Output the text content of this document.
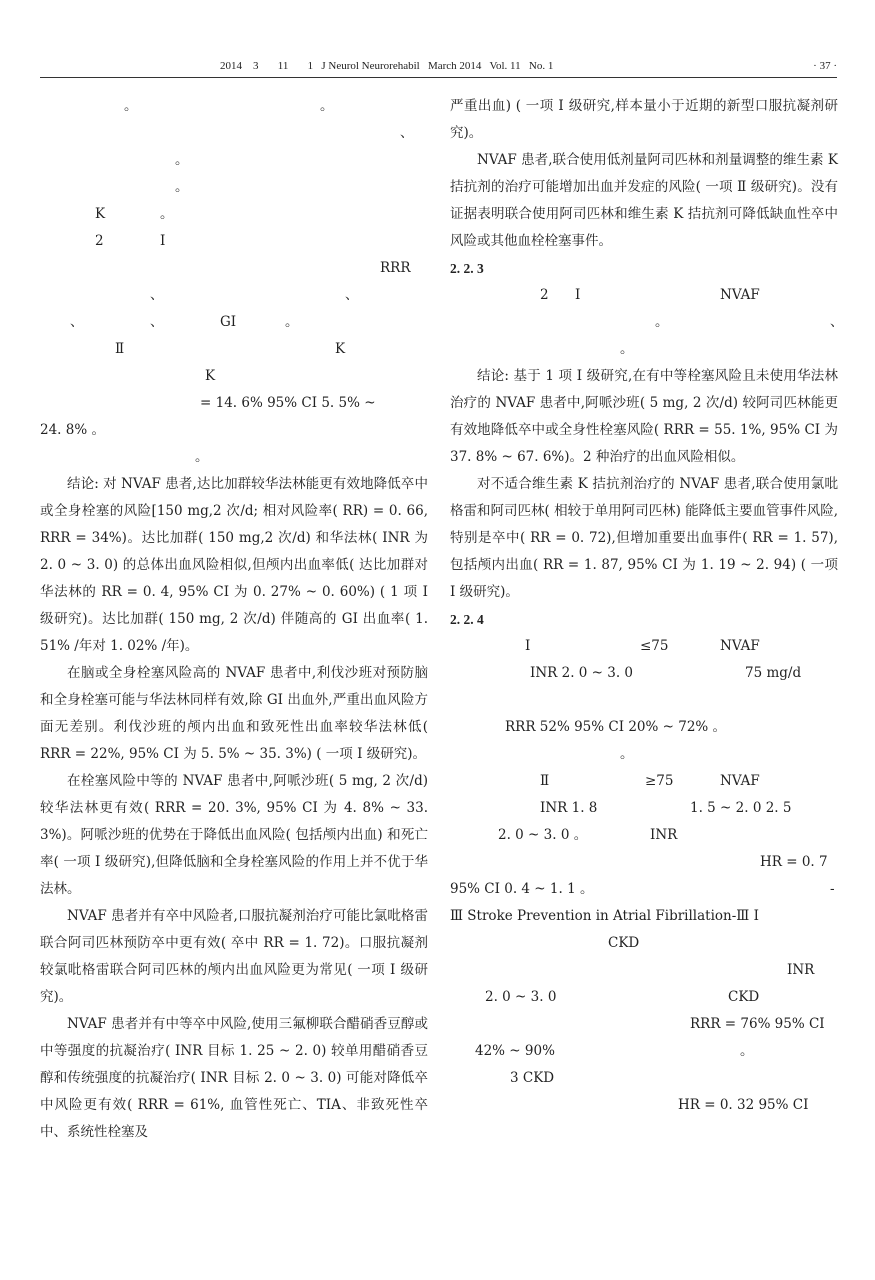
2014    3       11       1   J Neurol Neurorehabil   March 2014   Vol. 11   No. 1	· 37 ·
。	。
、
。
。
K	。
2	Ⅰ
RRR
、	、
、	、	GI	。
Ⅱ	K
K
= 14. 6% 95% CI 5. 5% ~
24. 8% 。
。

结论: 对 NVAF 患者,达比加群较华法林能更有效地降低卒中或全身栓塞的风险[150 mg,2 次/d; 相对风险率( RR) = 0. 66, RRR = 34%)。达比加群( 150 mg,2 次/d) 和华法林( INR 为 2. 0 ~ 3. 0) 的总体出血风险相似,但颅内出血率低( 达比加群对华法林的 RR = 0. 4, 95% CI 为 0. 27% ~ 0. 60%) ( 1 项 Ⅰ 级研究)。达比加群( 150 mg, 2 次/d) 伴随高的 GI 出血率( 1. 51% /年对 1. 02% /年)。

在脑或全身栓塞风险高的 NVAF 患者中,利伐沙班对预防脑和全身栓塞可能与华法林同样有效,除 GI 出血外,严重出血风险方面无差别。利伐沙班的颅内出血和致死性出血率较华法林低( RRR = 22%, 95% CI 为 5. 5% ~ 35. 3%) ( 一项 Ⅰ 级研究)。

在栓塞风险中等的 NVAF 患者中,阿哌沙班( 5 mg, 2 次/d) 较华法林更有效( RRR = 20. 3%, 95% CI 为 4. 8% ~ 33. 3%)。阿哌沙班的优势在于降低出血风险( 包括颅内出血) 和死亡率( 一项 Ⅰ 级研究),但降低脑和全身栓塞风险的作用上并不优于华法林。

NVAF 患者并有卒中风险者,口服抗凝剂治疗可能比氯吡格雷联合阿司匹林预防卒中更有效( 卒中 RR = 1. 72)。口服抗凝剂较氯吡格雷联合阿司匹林的颅内出血风险更为常见( 一项 Ⅰ 级研究)。

NVAF 患者并有中等卒中风险,使用三氟柳联合醋硝香豆醇或中等强度的抗凝治疗( INR 目标 1. 25 ~ 2. 0) 较单用醋硝香豆醇和传统强度的抗凝治疗( INR 目标 2. 0 ~ 3. 0) 可能对降低卒中风险更有效( RRR = 61%, 血管性死亡、TIA、非致死性卒中、系统性栓塞及

严重出血) ( 一项 Ⅰ 级研究,样本量小于近期的新型口服抗凝剂研究)。

NVAF 患者,联合使用低剂量阿司匹林和剂量调整的维生素 K 拮抗剂的治疗可能增加出血并发症的风险( 一项 Ⅱ 级研究)。没有证据表明联合使用阿司匹林和维生素 K 拮抗剂可降低缺血性卒中风险或其他血栓栓塞事件。

2. 2. 3

2 Ⅰ	NVAF
。	、
。

结论: 基于 1 项 Ⅰ 级研究,在有中等栓塞风险且未使用华法林治疗的 NVAF 患者中,阿哌沙班( 5 mg, 2 次/d) 较阿司匹林能更有效地降低卒中或全身性栓塞风险( RRR = 55. 1%, 95% CI 为 37. 8% ~ 67. 6%)。2 种治疗的出血风险相似。

对不适合维生素 K 拮抗剂治疗的 NVAF 患者,联合使用氯吡格雷和阿司匹林( 相较于单用阿司匹林) 能降低主要血管事件风险,特别是卒中( RR = 0. 72),但增加重要出血事件( RR = 1. 57),包括颅内出血( RR = 1. 87, 95% CI 为 1. 19 ~ 2. 94) ( 一项 Ⅰ 级研究)。

2. 2. 4

Ⅰ	≤75	NVAF
INR 2. 0 ~ 3. 0	75 mg/d
RRR 52% 95% CI 20% ~ 72% 。
。
Ⅱ	≥75	NVAF
INR 1. 8	1. 5 ~ 2. 0 2. 5
2. 0 ~ 3. 0 。	INR
HR = 0. 7
95% CI 0. 4 ~ 1. 1 。	-
Ⅲ Stroke Prevention in Atrial Fibrillation-Ⅲ Ⅰ
CKD
INR
2. 0 ~ 3. 0	CKD
RRR = 76% 95% CI
42% ~ 90%	。
3 CKD
HR = 0. 32 95% CI
